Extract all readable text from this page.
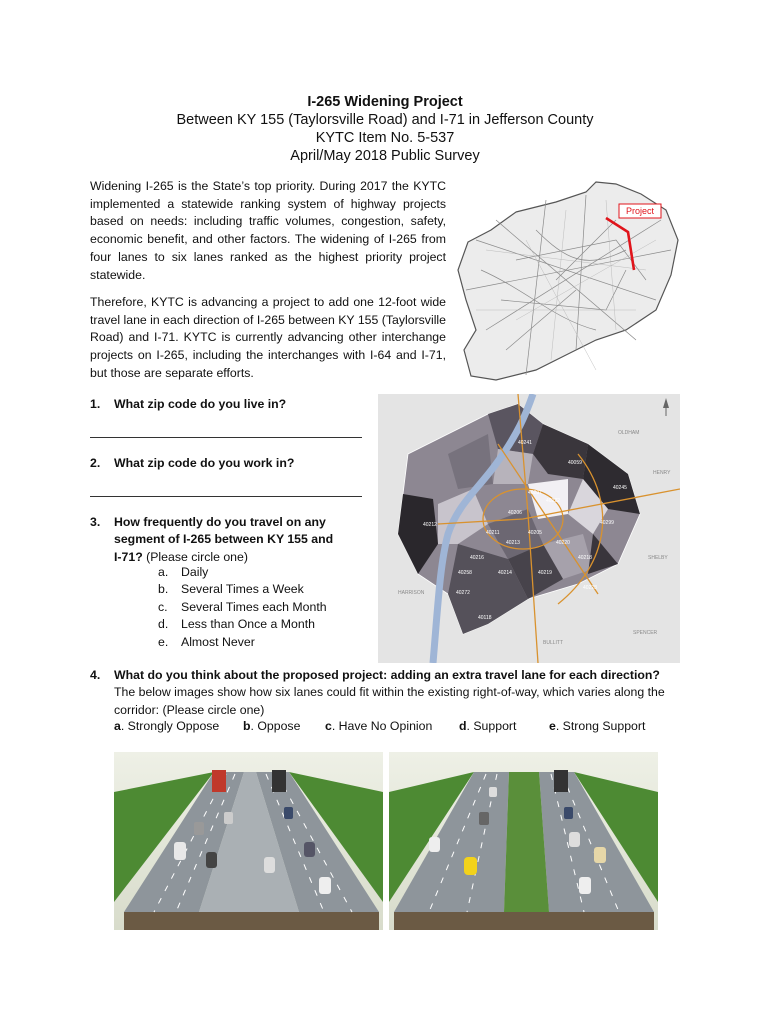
I-265 Widening Project
Between KY 155 (Taylorsville Road) and I-71 in Jefferson County
KYTC Item No. 5-537
April/May 2018 Public Survey

Widening I-265 is the State’s top priority. During 2017 the KYTC implemented a statewide ranking system of highway projects based on needs: including traffic volumes, congestion, safety, economic benefit, and other factors. The widening of I-265 from four lanes to six lanes ranked as the highest priority project statewide.

Therefore, KYTC is advancing a project to add one 12-foot wide travel lane in each direction of I-265 between KY 155 (Taylorsville Road) and I-71. KYTC is currently advancing other interchange projects on I-265, including the interchanges with I-64 and I-71, but those are separate efforts.

Project
40241
40059
40222
40207
40206
40205
40220
40299
40245
40218
40219
40228
40216
40214
40118
40272
40258
40211
40212
40213
OLDHAM
HENRY
SHELBY
SPENCER
BULLITT
HARRISON
1. What zip code do you live in?
2. What zip code do you work in?
3. How frequently do you travel on any
segment of I-265 between KY 155 and
I-71? (Please circle one)
a. Daily
b. Several Times a Week
c. Several Times each Month
d. Less than Once a Month
e. Almost Never
4. What do you think about the proposed project: adding an extra travel lane for each direction?
The below images show how six lanes could fit within the existing right-of-way, which varies along the
corridor: (Please circle one)
a. Strongly Oppose b. Oppose c. Have No Opinion d. Support	e. Strong Support
